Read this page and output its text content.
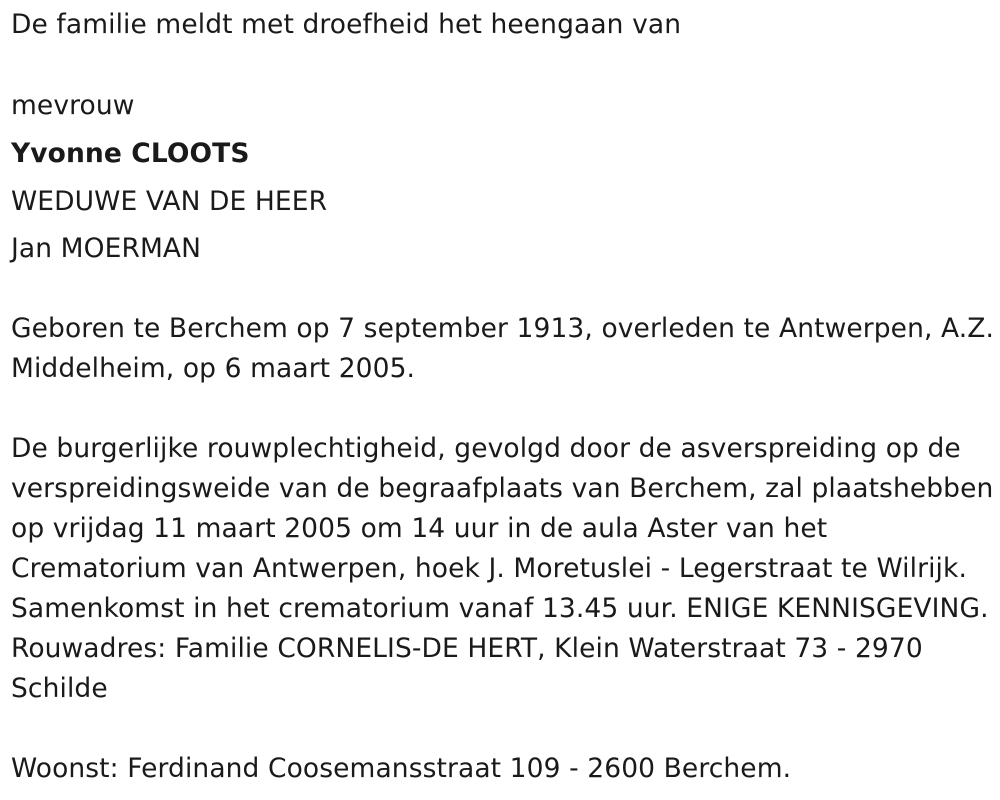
De familie meldt met droefheid het heengaan van

mevrouw

Yvonne CLOOTS

WEDUWE VAN DE HEER

Jan MOERMAN

Geboren te Berchem op 7 september 1913, overleden te Antwerpen, A.Z.

Middelheim, op 6 maart 2005.

De burgerlijke rouwplechtigheid, gevolgd door de asverspreiding op de

verspreidingsweide van de begraafplaats van Berchem, zal plaatshebben

op vrijdag 11 maart 2005 om 14 uur in de aula Aster van het

Crematorium van Antwerpen, hoek J. Moretuslei - Legerstraat te Wilrijk.

Samenkomst in het crematorium vanaf 13.45 uur. ENIGE KENNISGEVING.

Rouwadres: Familie CORNELIS-DE HERT, Klein Waterstraat 73 - 2970

Schilde

Woonst: Ferdinand Coosemansstraat 109 - 2600 Berchem.
